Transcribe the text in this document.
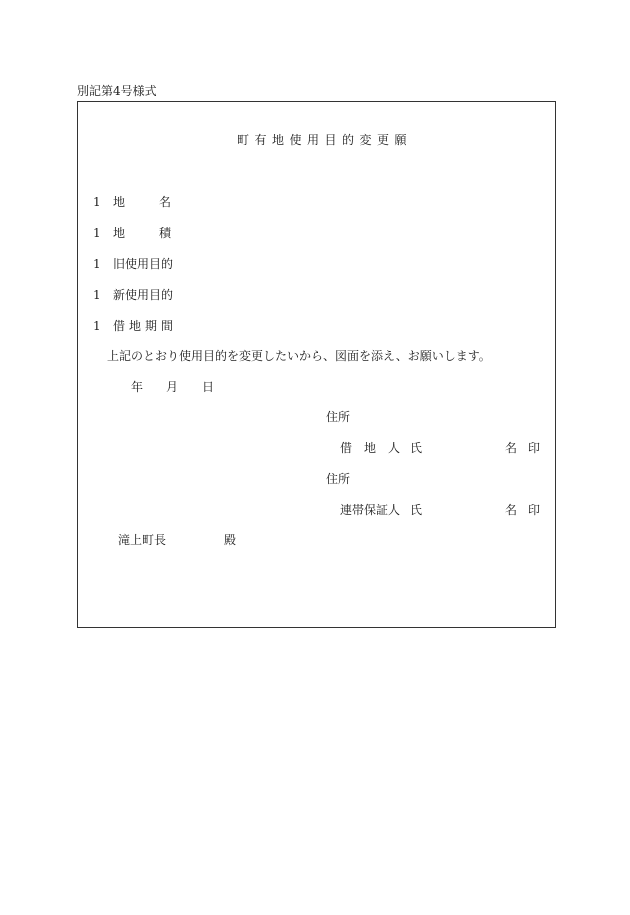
別記第4号様式
町有地使用目的変更願
1 地	名
1 地	積
1 旧使用目的
1 新使用目的
1 借地期間
上記のとおり使用目的を変更したいから、図面を添え、お願いします。
年 月 日
住所
借　地　人 氏	名 印
住所
連帯保証人 氏	名 印
滝上町長	殿
